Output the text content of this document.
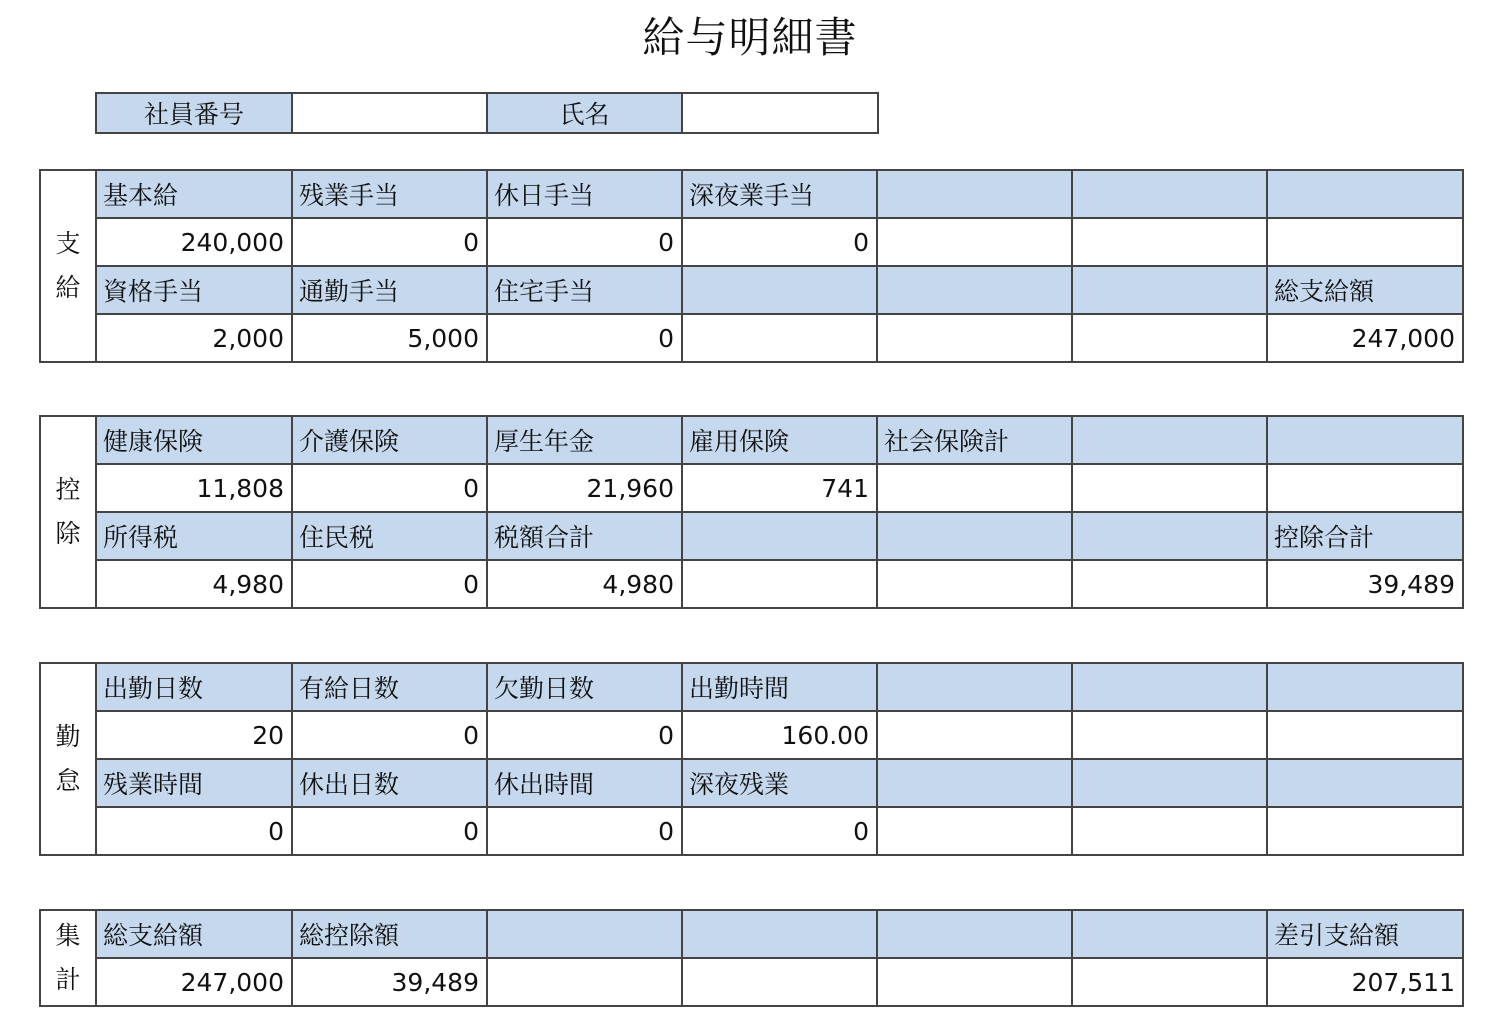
給与明細書
社員番号		氏名	
支
給	基本給	残業手当	休日手当	深夜業手当			
	240,000	0	0	0			
	資格手当	通勤手当	住宅手当				総支給額
	2,000	5,000	0				247,000
控
除	健康保険	介護保険	厚生年金	雇用保険	社会保険計		
	11,808	0	21,960	741			
	所得税	住民税	税額合計				控除合計
	4,980	0	4,980				39,489
勤
怠	出勤日数	有給日数	欠勤日数	出勤時間			
	20	0	0	160.00			
	残業時間	休出日数	休出時間	深夜残業			
	0	0	0	0			
集
計	総支給額	総控除額					差引支給額
	247,000	39,489					207,511
